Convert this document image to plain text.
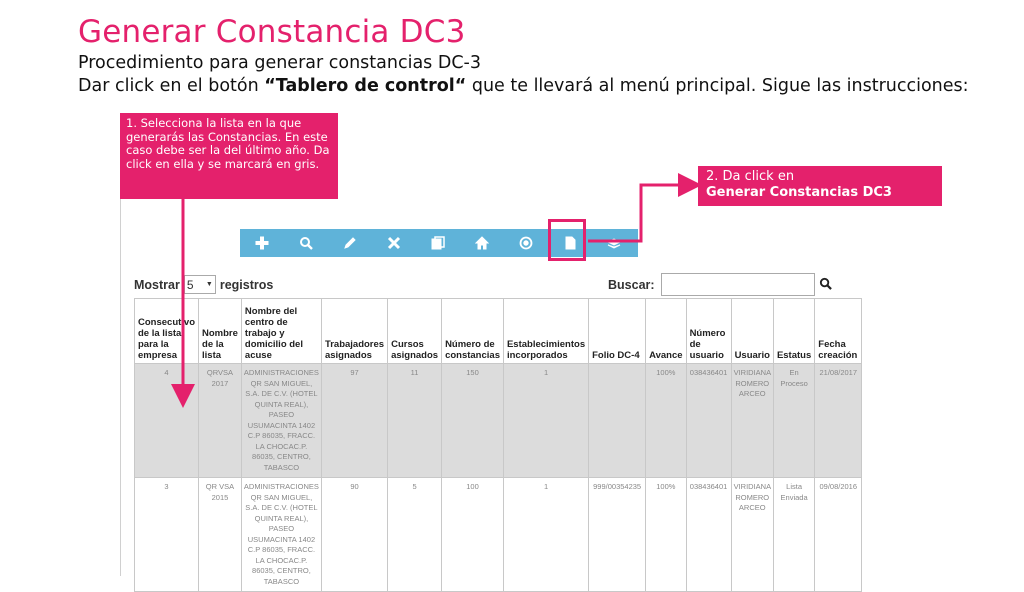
Generar Constancia DC3
Procedimiento para generar constancias DC-3
Dar click en el botón “Tablero de control“ que te llevará al menú principal. Sigue las instrucciones:
1. Selecciona la lista en la que generarás las Constancias. En este caso debe ser la del último año. Da click en ella y se marcará en gris.
2. Da click en
Generar Constancias DC3
Mostrar 5 ▼ registros	Buscar:
Consecutivo de la lista para la empresa	Nombre de la lista	Nombre del centro de trabajo y domicilio del acuse	Trabajadores asignados	Cursos asignados	Número de constancias	Establecimientos incorporados	Folio DC-4	Avance	Número de usuario	Usuario	Estatus	Fecha creación
4	QRVSA 2017	ADMINISTRACIONES QR SAN MIGUEL, S.A. DE C.V. (HOTEL QUINTA REAL), PASEO USUMACINTA 1402 C.P 86035, FRACC. LA CHOCAC.P. 86035, CENTRO, TABASCO	97	11	150	1		100%	038436401	VIRIDIANA ROMERO ARCEO	En Proceso	21/08/2017
3	QR VSA 2015	ADMINISTRACIONES QR SAN MIGUEL, S.A. DE C.V. (HOTEL QUINTA REAL), PASEO USUMACINTA 1402 C.P 86035, FRACC. LA CHOCAC.P. 86035, CENTRO, TABASCO	90	5	100	1	999/00354235	100%	038436401	VIRIDIANA ROMERO ARCEO	Lista Enviada	09/08/2016
